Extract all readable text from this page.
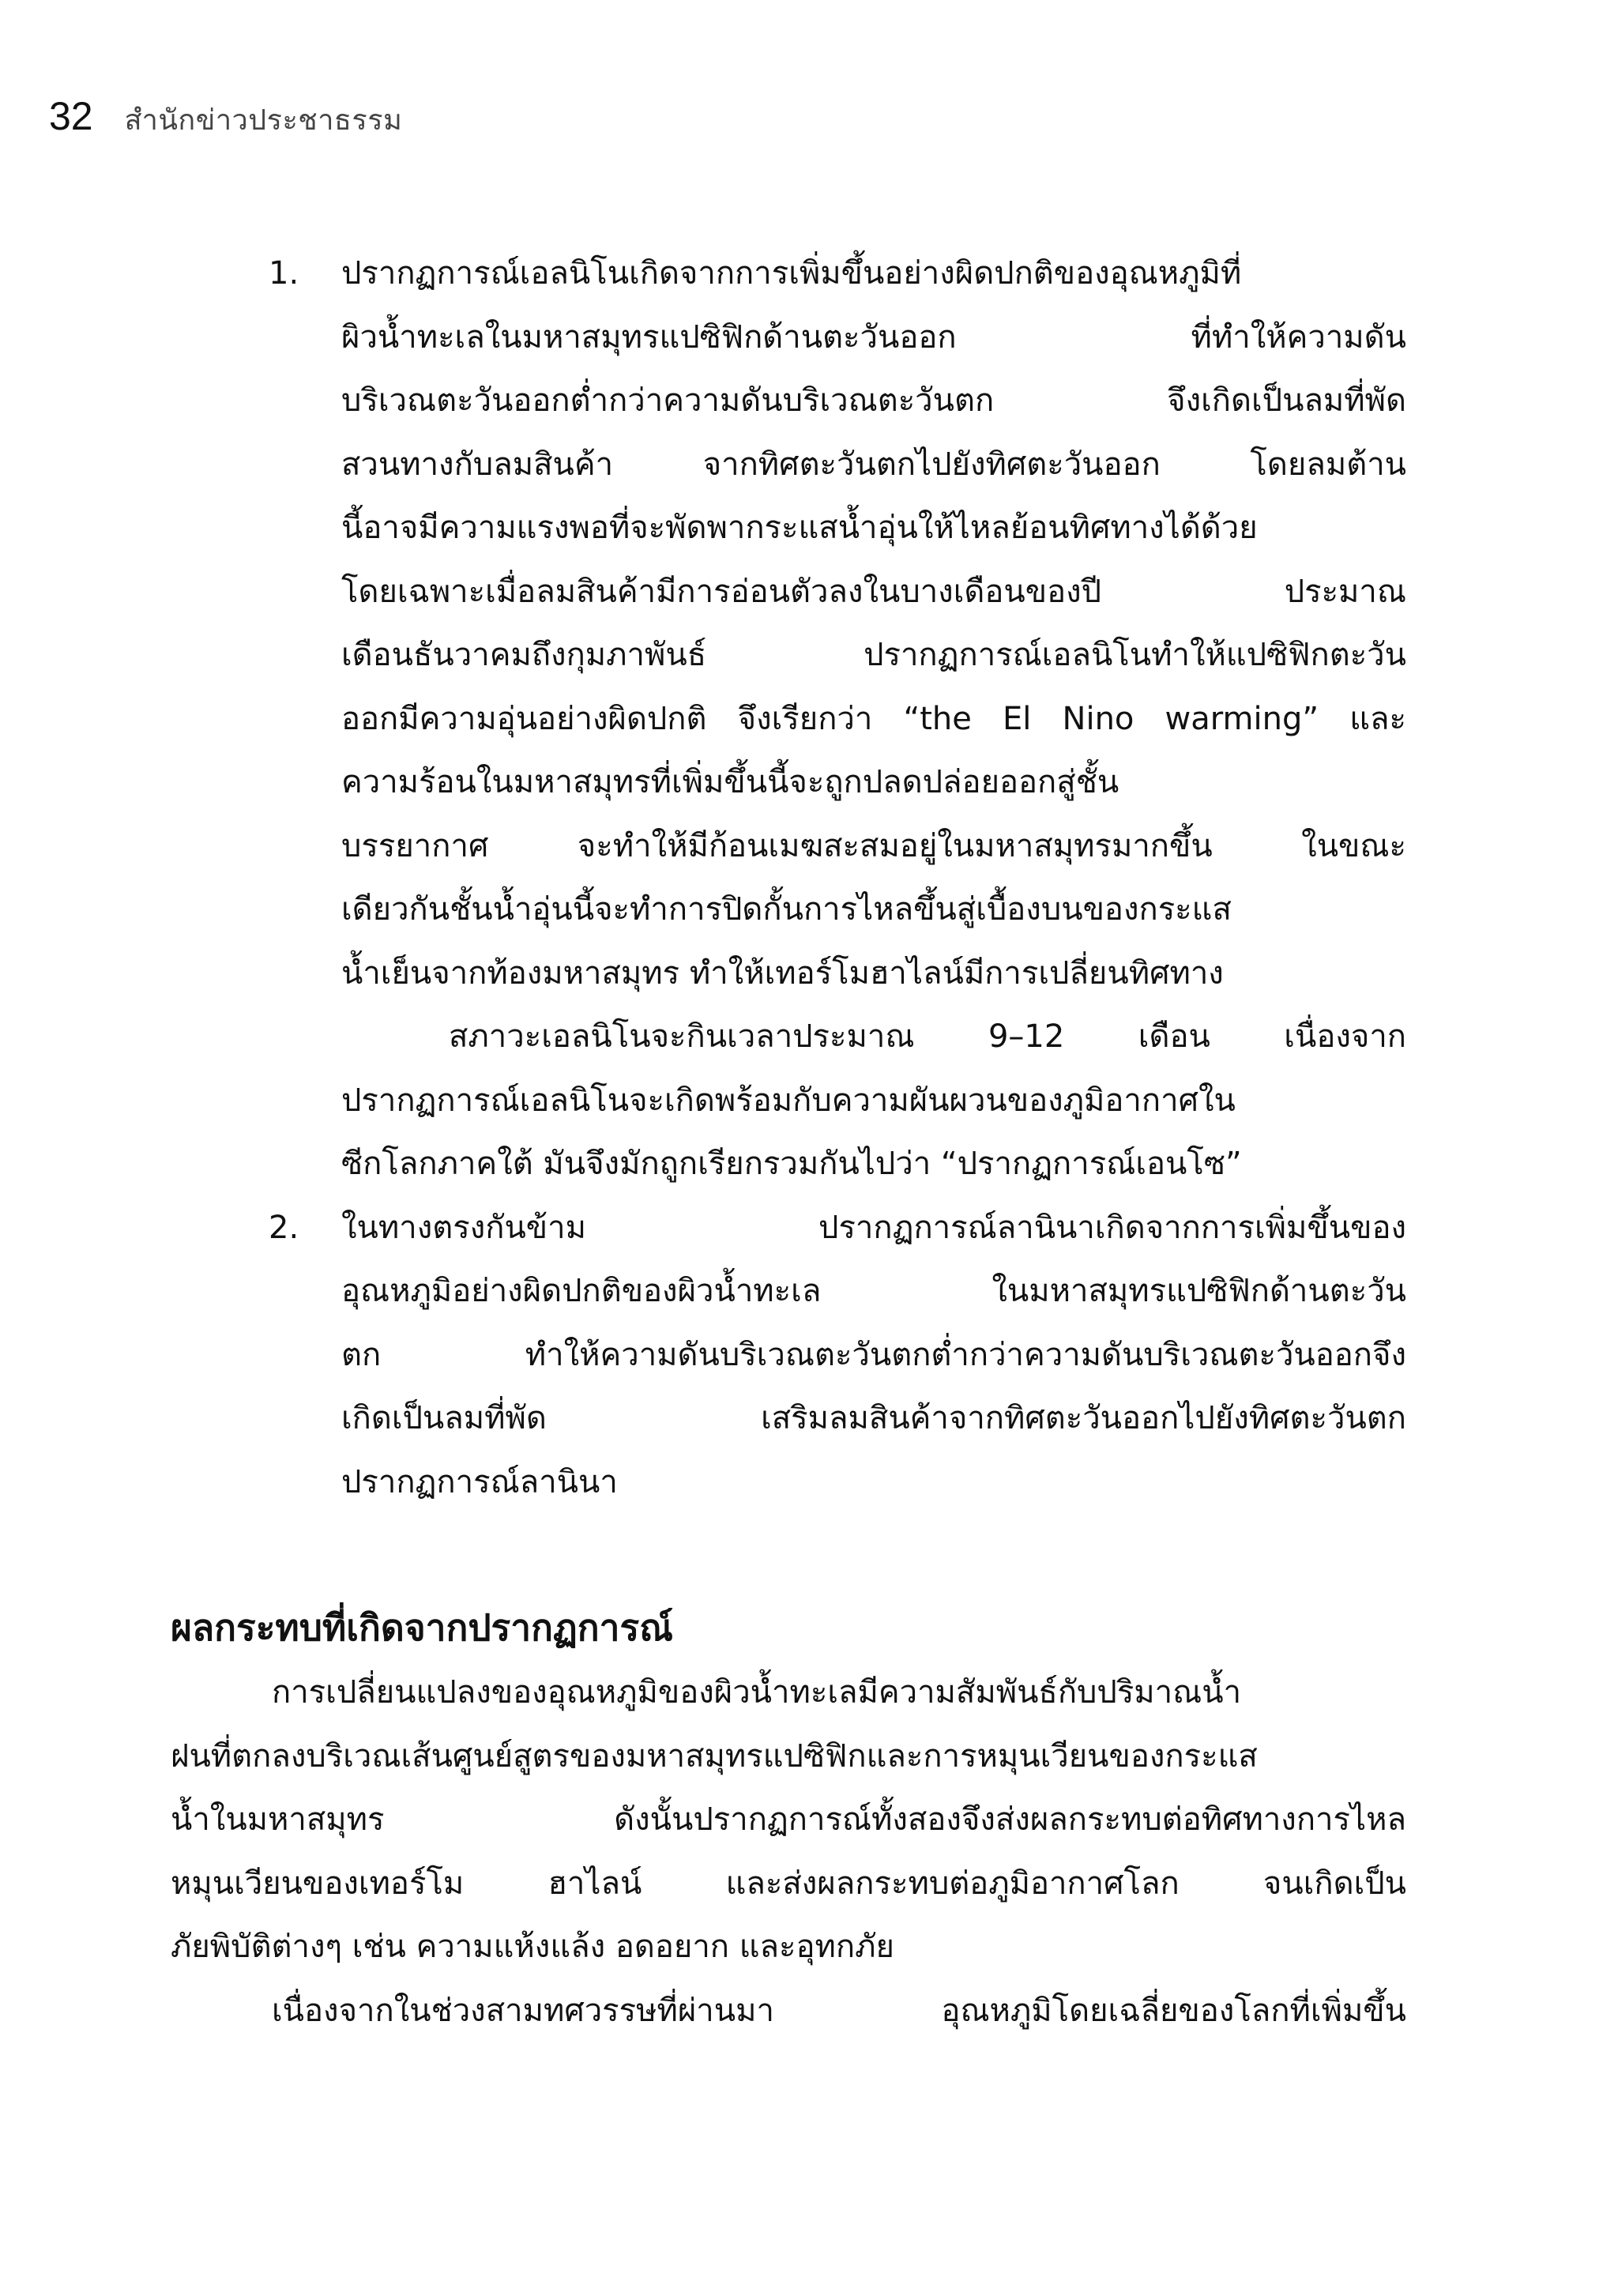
32 สำนักข่าวประชาธรรม
1. ปรากฏการณ์เอลนิโนเกิดจากการเพิ่มขึ้นอย่างผิดปกติของอุณหภูมิที่
ผิวน้ำทะเลในมหาสมุทรแปซิฟิกด้านตะวันออก ที่ทำให้ความดัน
บริเวณตะวันออกต่ำกว่าความดันบริเวณตะวันตก จึงเกิดเป็นลมที่พัด
สวนทางกับลมสินค้า จากทิศตะวันตกไปยังทิศตะวันออก โดยลมต้าน
นี้อาจมีความแรงพอที่จะพัดพากระแสน้ำอุ่นให้ไหลย้อนทิศทางได้ด้วย
โดยเฉพาะเมื่อลมสินค้ามีการอ่อนตัวลงในบางเดือนของปี ประมาณ
เดือนธันวาคมถึงกุมภาพันธ์ ปรากฏการณ์เอลนิโนทำให้แปซิฟิกตะวัน
ออกมีความอุ่นอย่างผิดปกติ จึงเรียกว่า “the El Nino warming” และ
ความร้อนในมหาสมุทรที่เพิ่มขึ้นนี้จะถูกปลดปล่อยออกสู่ชั้น
บรรยากาศ จะทำให้มีก้อนเมฆสะสมอยู่ในมหาสมุทรมากขึ้น ในขณะ
เดียวกันชั้นน้ำอุ่นนี้จะทำการปิดกั้นการไหลขึ้นสู่เบื้องบนของกระแส
น้ำเย็นจากท้องมหาสมุทร ทำให้เทอร์โมฮาไลน์มีการเปลี่ยนทิศทาง
สภาวะเอลนิโนจะกินเวลาประมาณ 9–12 เดือน เนื่องจาก
ปรากฏการณ์เอลนิโนจะเกิดพร้อมกับความผันผวนของภูมิอากาศใน
ซีกโลกภาคใต้ มันจึงมักถูกเรียกรวมกันไปว่า “ปรากฏการณ์เอนโซ”
2. ในทางตรงกันข้าม ปรากฏการณ์ลานินาเกิดจากการเพิ่มขึ้นของ
อุณหภูมิอย่างผิดปกติของผิวน้ำทะเล ในมหาสมุทรแปซิฟิกด้านตะวัน
ตก ทำให้ความดันบริเวณตะวันตกต่ำกว่าความดันบริเวณตะวันออกจึง
เกิดเป็นลมที่พัด เสริมลมสินค้าจากทิศตะวันออกไปยังทิศตะวันตก
ปรากฏการณ์ลานินา
ผลกระทบที่เกิดจากปรากฏการณ์
การเปลี่ยนแปลงของอุณหภูมิของผิวน้ำทะเลมีความสัมพันธ์กับปริมาณน้ำ
ฝนที่ตกลงบริเวณเส้นศูนย์สูตรของมหาสมุทรแปซิฟิกและการหมุนเวียนของกระแส
น้ำในมหาสมุทร ดังนั้นปรากฏการณ์ทั้งสองจึงส่งผลกระทบต่อทิศทางการไหล
หมุนเวียนของเทอร์โม ฮาไลน์ และส่งผลกระทบต่อภูมิอากาศโลก จนเกิดเป็น
ภัยพิบัติต่างๆ เช่น ความแห้งแล้ง อดอยาก และอุทกภัย
เนื่องจากในช่วงสามทศวรรษที่ผ่านมา อุณหภูมิโดยเฉลี่ยของโลกที่เพิ่มขึ้น
